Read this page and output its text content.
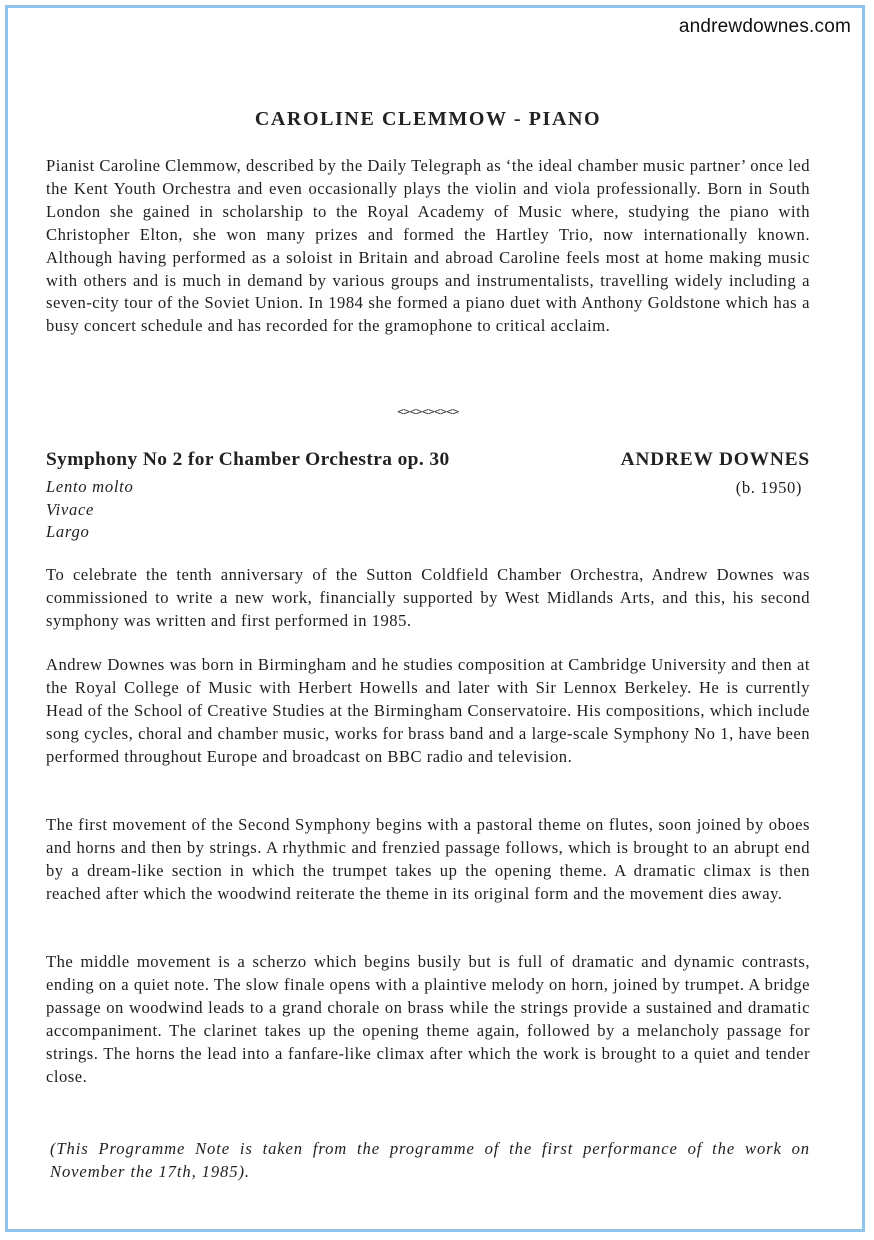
andrewdownes.com
CAROLINE CLEMMOW - PIANO

Pianist Caroline Clemmow, described by the Daily Telegraph as ‘the ideal chamber music partner’ once led the Kent Youth Orchestra and even occasionally plays the violin and viola professionally. Born in South London she gained in scholarship to the Royal Academy of Music where, studying the piano with Christopher Elton, she won many prizes and formed the Hartley Trio, now internationally known. Although having performed as a soloist in Britain and abroad Caroline feels most at home making music with others and is much in demand by various groups and instrumentalists, travelling widely including a seven-city tour of the Soviet Union. In 1984 she formed a piano duet with Anthony Goldstone which has a busy concert schedule and has recorded for the gramophone to critical acclaim.

<><><><><>
Symphony No 2 for Chamber Orchestra op. 30	ANDREW DOWNES
(b. 1950)
Lento molto
Vivace
Largo

To celebrate the tenth anniversary of the Sutton Coldfield Chamber Orchestra, Andrew Downes was commissioned to write a new work, financially supported by West Midlands Arts, and this, his second symphony was written and first performed in 1985.

Andrew Downes was born in Birmingham and he studies composition at Cambridge University and then at the Royal College of Music with Herbert Howells and later with Sir Lennox Berkeley. He is currently Head of the School of Creative Studies at the Birmingham Conservatoire. His compositions, which include song cycles, choral and chamber music, works for brass band and a large-scale Symphony No 1, have been performed throughout Europe and broadcast on BBC radio and television.

The first movement of the Second Symphony begins with a pastoral theme on flutes, soon joined by oboes and horns and then by strings. A rhythmic and frenzied passage follows, which is brought to an abrupt end by a dream-like section in which the trumpet takes up the opening theme. A dramatic climax is then reached after which the woodwind reiterate the theme in its original form and the movement dies away.

The middle movement is a scherzo which begins busily but is full of dramatic and dynamic contrasts, ending on a quiet note. The slow finale opens with a plaintive melody on horn, joined by trumpet. A bridge passage on woodwind leads to a grand chorale on brass while the strings provide a sustained and dramatic accompaniment. The clarinet takes up the opening theme again, followed by a melancholy passage for strings. The horns the lead into a fanfare-like climax after which the work is brought to a quiet and tender close.

(This Programme Note is taken from the programme of the first performance of the work on November the 17th, 1985).
